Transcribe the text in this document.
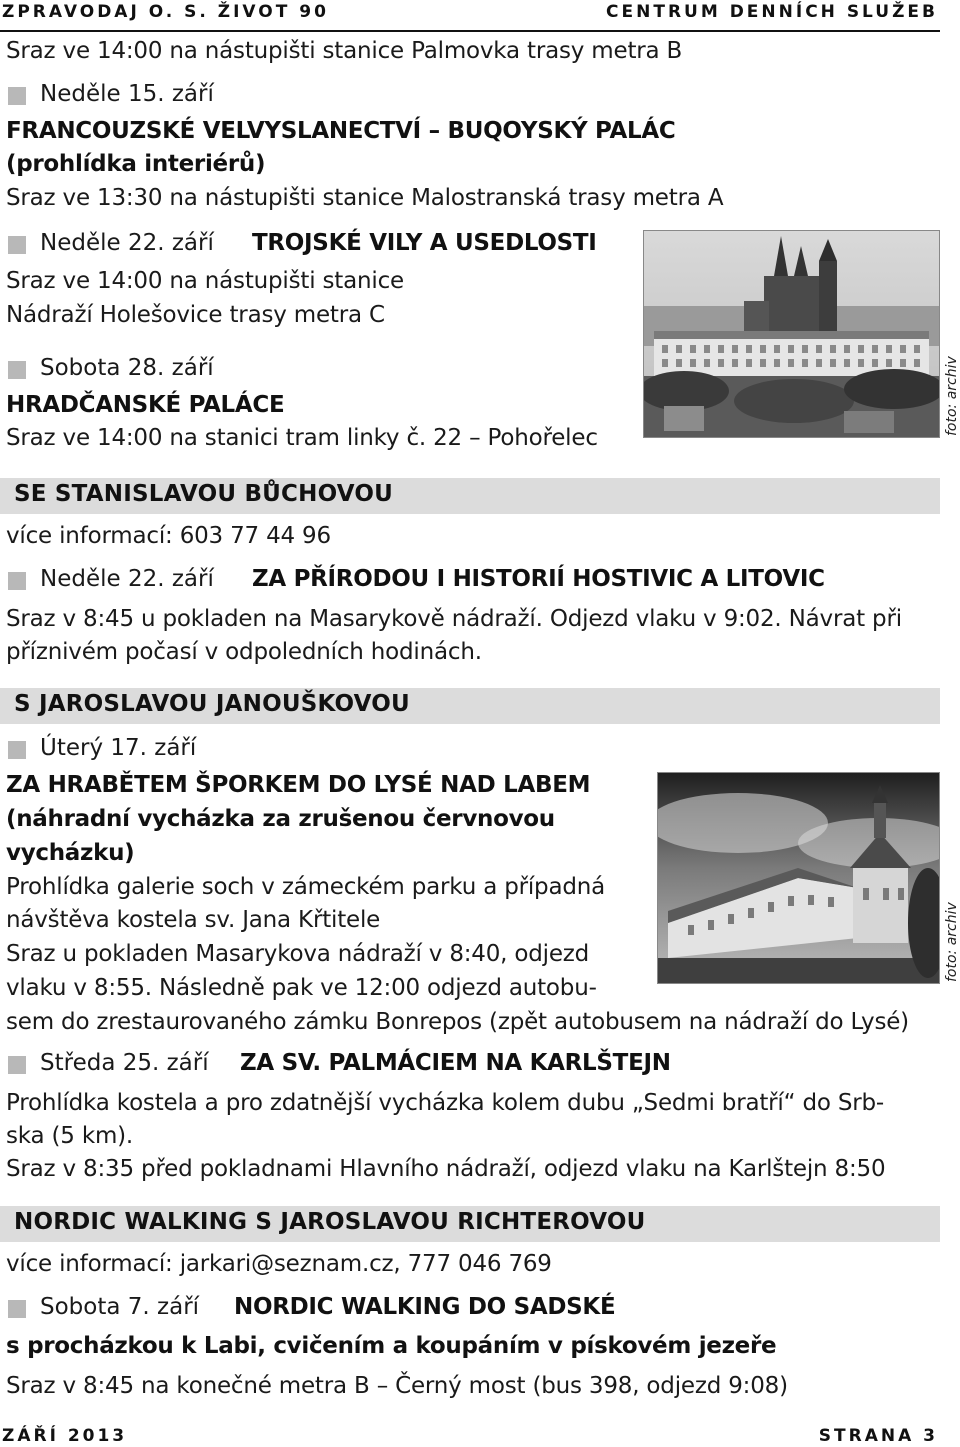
ZPRAVODAJ O. S. ŽIVOT 90	CENTRUM DENNÍCH SLUŽEB
Sraz ve 14:00 na nástupišti stanice Palmovka trasy metra B
Neděle 15. září
FRANCOUZSKÉ VELVYSLANECTVÍ – BUQOYSKÝ PALÁC
(prohlídka interiérů)
Sraz ve 13:30 na nástupišti stanice Malostranská trasy metra A
Neděle 22. září TROJSKÉ VILY A USEDLOSTI
Sraz ve 14:00 na nástupišti stanice
Nádraží Holešovice trasy metra C
Sobota 28. září
HRADČANSKÉ PALÁCE
Sraz ve 14:00 na stanici tram linky č. 22 – Pohořelec
foto: archiv
SE STANISLAVOU BŮCHOVOU
více informací: 603 77 44 96
Neděle 22. září ZA PŘÍRODOU I HISTORIÍ HOSTIVIC A LITOVIC
Sraz v 8:45 u pokladen na Masarykově nádraží. Odjezd vlaku v 9:02. Návrat při
příznivém počasí v odpoledních hodinách.
S JAROSLAVOU JANOUŠKOVOU
Úterý 17. září
ZA HRABĚTEM ŠPORKEM DO LYSÉ NAD LABEM
(náhradní vycházka za zrušenou červnovou
vycházku)
Prohlídka galerie soch v zámeckém parku a případná
návštěva kostela sv. Jana Křtitele
Sraz u pokladen Masarykova nádraží v 8:40, odjezd
vlaku v 8:55. Následně pak ve 12:00 odjezd autobu-
sem do zrestaurovaného zámku Bonrepos (zpět autobusem na nádraží do Lysé)
foto: archiv
Středa 25. září ZA SV. PALMÁCIEM NA KARLŠTEJN
Prohlídka kostela a pro zdatnější vycházka kolem dubu „Sedmi bratří“ do Srb-
ska (5 km).
Sraz v 8:35 před pokladnami Hlavního nádraží, odjezd vlaku na Karlštejn 8:50
NORDIC WALKING S JAROSLAVOU RICHTEROVOU
více informací: jarkari@seznam.cz, 777 046 769
Sobota 7. září NORDIC WALKING DO SADSKÉ
s procházkou k Labi, cvičením a koupáním v pískovém jezeře
Sraz v 8:45 na konečné metra B – Černý most (bus 398, odjezd 9:08)
ZÁŘÍ 2013	STRANA 3
